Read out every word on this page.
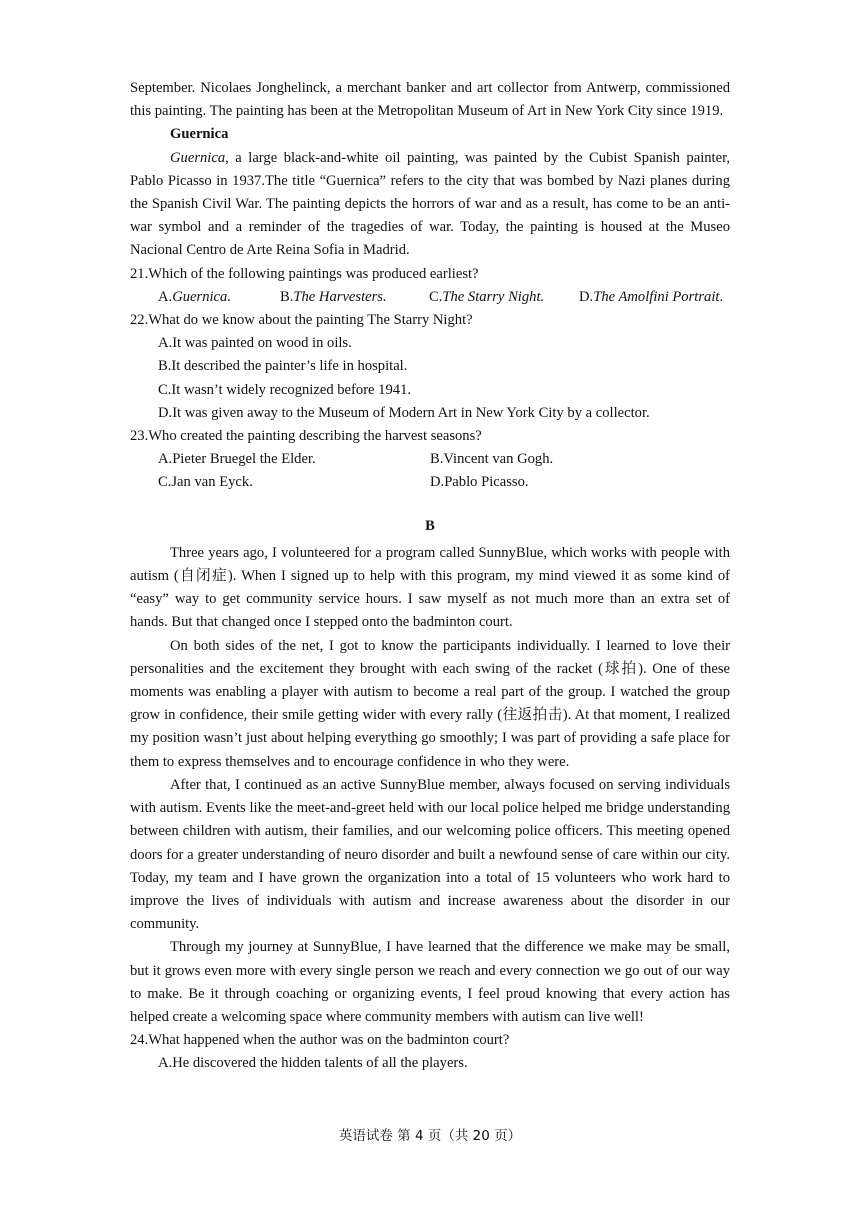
September. Nicolaes Jonghelinck, a merchant banker and art collector from Antwerp, commissioned this painting. The painting has been at the Metropolitan Museum of Art in New York City since 1919.

Guernica

Guernica, a large black-and-white oil painting, was painted by the Cubist Spanish painter, Pablo Picasso in 1937.The title “Guernica” refers to the city that was bombed by Nazi planes during the Spanish Civil War. The painting depicts the horrors of war and as a result, has come to be an anti-war symbol and a reminder of the tragedies of war. Today, the painting is housed at the Museo Nacional Centro de Arte Reina Sofia in Madrid.

21.Which of the following paintings was produced earliest?

A.Guernica.	B.The Harvesters.	C.The Starry Night.	D.The Amolfini Portrait.

22.What do we know about the painting The Starry Night?

A.It was painted on wood in oils.

B.It described the painter’s life in hospital.

C.It wasn’t widely recognized before 1941.

D.It was given away to the Museum of Modern Art in New York City by a collector.

23.Who created the painting describing the harvest seasons?

A.Pieter Bruegel the Elder.	B.Vincent van Gogh.
C.Jan van Eyck.	D.Pablo Picasso.

B

Three years ago, I volunteered for a program called SunnyBlue, which works with people with autism (自闭症). When I signed up to help with this program, my mind viewed it as some kind of “easy” way to get community service hours. I saw myself as not much more than an extra set of hands. But that changed once I stepped onto the badminton court.

On both sides of the net, I got to know the participants individually. I learned to love their personalities and the excitement they brought with each swing of the racket (球拍). One of these moments was enabling a player with autism to become a real part of the group. I watched the group grow in confidence, their smile getting wider with every rally (往返拍击). At that moment, I realized my position wasn’t just about helping everything go smoothly; I was part of providing a safe place for them to express themselves and to encourage confidence in who they were.

After that, I continued as an active SunnyBlue member, always focused on serving individuals with autism. Events like the meet-and-greet held with our local police helped me bridge understanding between children with autism, their families, and our welcoming police officers. This meeting opened doors for a greater understanding of neuro disorder and built a newfound sense of care within our city. Today, my team and I have grown the organization into a total of 15 volunteers who work hard to improve the lives of individuals with autism and increase awareness about the disorder in our community.

Through my journey at SunnyBlue, I have learned that the difference we make may be small, but it grows even more with every single person we reach and every connection we go out of our way to make. Be it through coaching or organizing events, I feel proud knowing that every action has helped create a welcoming space where community members with autism can live well!

24.What happened when the author was on the badminton court?

A.He discovered the hidden talents of all the players.

英语试卷 第 4 页（共 20 页）
